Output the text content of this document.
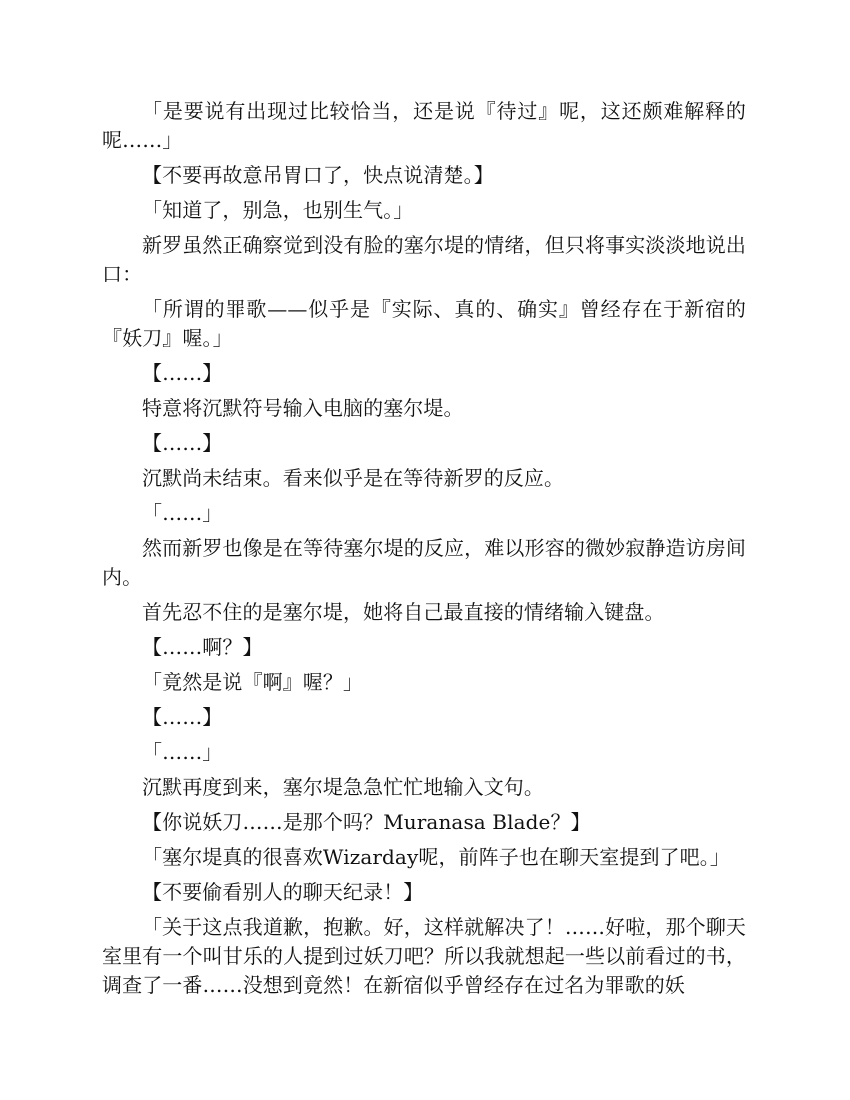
「是要说有出现过比较恰当，还是说『待过』呢，这还颇难解释的呢……」

【不要再故意吊胃口了，快点说清楚。】

「知道了，别急，也别生气。」

新罗虽然正确察觉到没有脸的塞尔堤的情绪，但只将事实淡淡地说出口：

「所谓的罪歌——似乎是『实际、真的、确实』曾经存在于新宿的『妖刀』喔。」

【……】

特意将沉默符号输入电脑的塞尔堤。

【……】

沉默尚未结束。看来似乎是在等待新罗的反应。

「……」

然而新罗也像是在等待塞尔堤的反应，难以形容的微妙寂静造访房间内。

首先忍不住的是塞尔堤，她将自己最直接的情绪输入键盘。

【……啊？】

「竟然是说『啊』喔？」

【……】

「……」

沉默再度到来，塞尔堤急急忙忙地输入文句。

【你说妖刀……是那个吗？Muranasa Blade？】

「塞尔堤真的很喜欢Wizarday呢，前阵子也在聊天室提到了吧。」

【不要偷看别人的聊天纪录！】

「关于这点我道歉，抱歉。好，这样就解决了！……好啦，那个聊天室里有一个叫甘乐的人提到过妖刀吧？所以我就想起一些以前看过的书，调查了一番……没想到竟然！在新宿似乎曾经存在过名为罪歌的妖
